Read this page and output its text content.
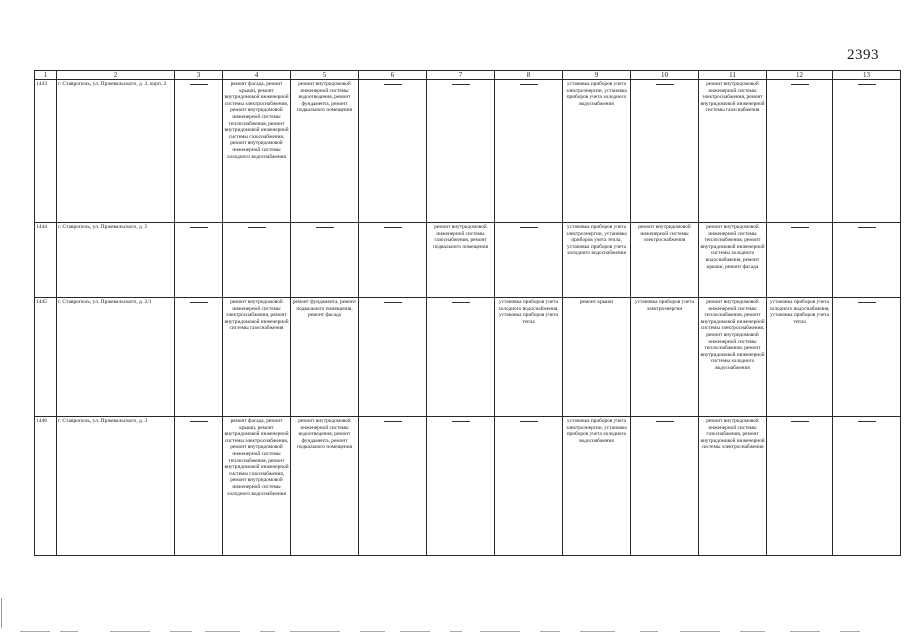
2393
1	2	3	4	5	6	7	8	9	10	11	12	13
1443	г. Ставрополь, ул. Пржевальского, д. 2, корп. 2		ремонт фасада, ремонт крыши, ремонт внутридомовой инженерной системы электроснабжения, ремонт внутридомовой инженерной системы теплоснабжения, ремонт внутридомовой инженерной системы газоснабжения, ремонт внутридомовой инженерной системы холодного водоснабжения	ремонт внутридомовой инженерной системы водоотведения, ремонт фундамента, ремонт подвального помещения				установка приборов учета электроэнергии, установка приборов учета холодного водоснабжения		ремонт внутридомовой инженерной системы электроснабжения, ремонт внутридомовой инженерной системы газоснабжения	

1444	г. Ставрополь, ул. Пржевальского, д. 2					ремонт внутридомовой инженерной системы газоснабжения, ремонт подвального помещения		установка приборов учета электроэнергии, установка приборов учета тепла, установка приборов учета холодного водоснабжения	ремонт внутридомовой инженерной системы электроснабжения	ремонт внутридомовой инженерной системы теплоснабжения, ремонт внутридомовой инженерной системы холодного водоснабжения, ремонт крыши, ремонт фасада	

1445	г. Ставрополь, ул. Пржевальского, д. 2/1		ремонт внутридомовой инженерной системы электроснабжения, ремонт внутридомовой инженерной системы газоснабжения	ремонт фундамента, ремонт подвального помещения, ремонт фасада			установка приборов учета холодного водоснабжения, установка приборов учета тепла	ремонт крыши	установка приборов учета электроэнергии	ремонт внутридомовой инженерной системы теплоснабжения, ремонт внутридомовой инженерной системы электроснабжения, ремонт внутридомовой инженерной системы теплоснабжения, ремонт внутридомовой инженерной системы холодного водоснабжения	установка приборов учета холодного водоснабжения, установка приборов учета тепла	

1446	г. Ставрополь, ул. Пржевальского, д. 3		ремонт фасада, ремонт крыши, ремонт внутридомовой инженерной системы электроснабжения, ремонт внутридомовой инженерной системы теплоснабжения, ремонт внутридомовой инженерной системы газоснабжения, ремонт внутридомовой инженерной системы холодного водоснабжения	ремонт внутридомовой инженерной системы водоотведения, ремонт фундамента, ремонт подвального помещения				установка приборов учета электроэнергии, установка приборов учета холодного водоснабжения		ремонт внутридомовой инженерной системы газоснабжения, ремонт внутридомовой инженерной системы электроснабжения	
